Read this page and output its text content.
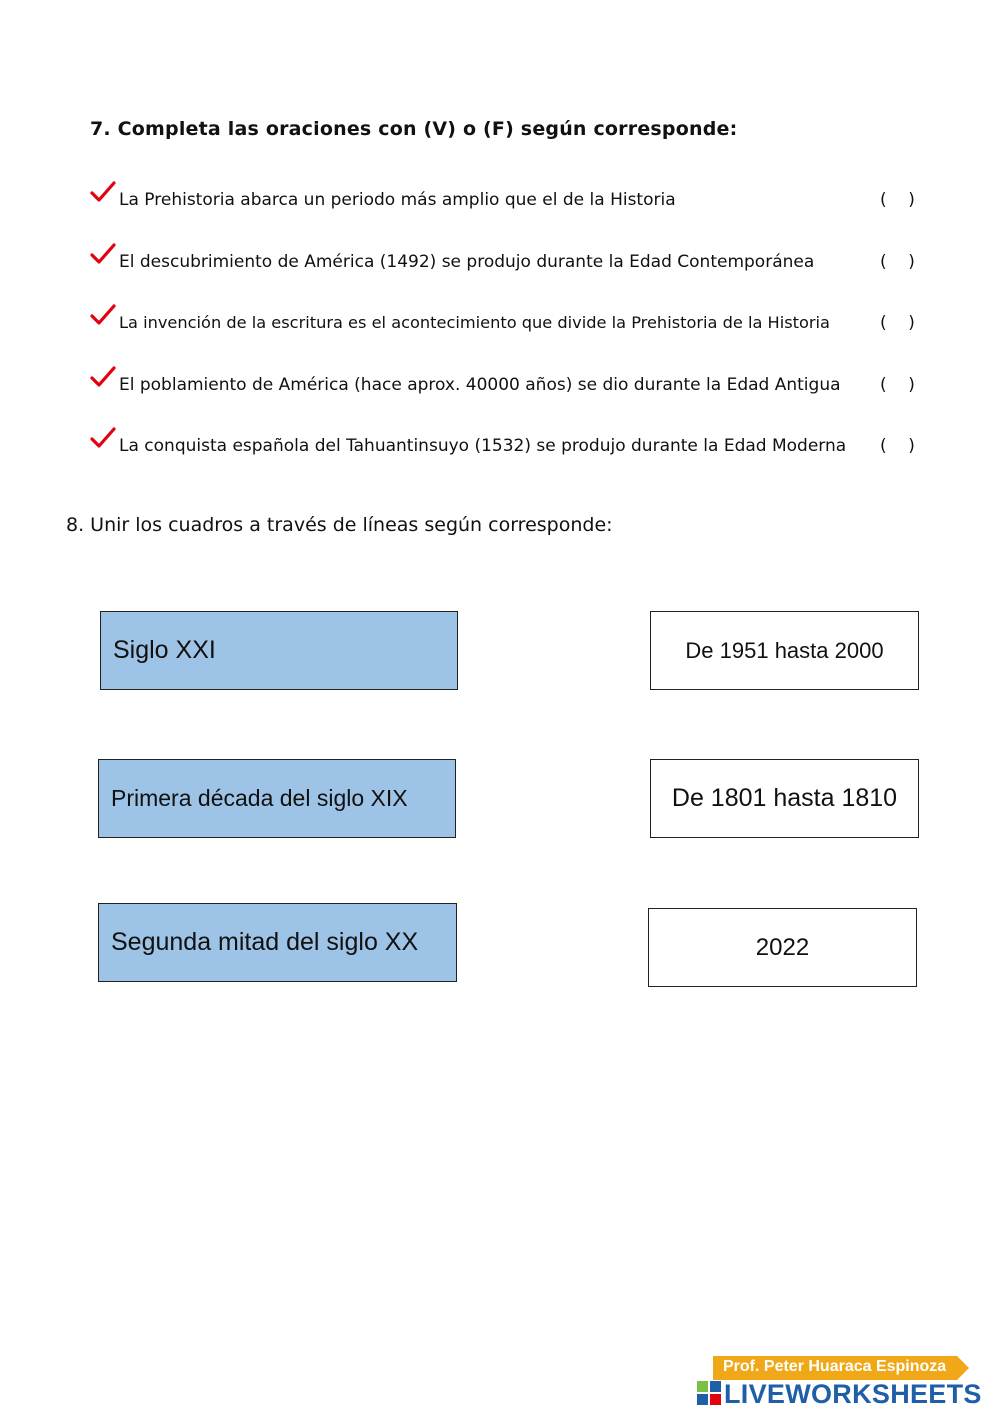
7. Completa las oraciones con (V) o (F) según corresponde:
La Prehistoria abarca un periodo más amplio que el de la Historia	(    )
El descubrimiento de América (1492) se produjo durante la Edad Contemporánea	(    )
La invención de la escritura es el acontecimiento que divide la Prehistoria de la Historia	(    )
El poblamiento de América (hace aprox. 40000 años) se dio durante la Edad Antigua (    )
La conquista española del Tahuantinsuyo (1532) se produjo durante la Edad Moderna (    )
8. Unir los cuadros a través de líneas según corresponde:
Siglo XXI
Primera década del siglo XIX
Segunda mitad del siglo XX
De 1951 hasta 2000
De 1801 hasta 1810
2022
Prof. Peter Huaraca Espinoza
LIVEWORKSHEETS
